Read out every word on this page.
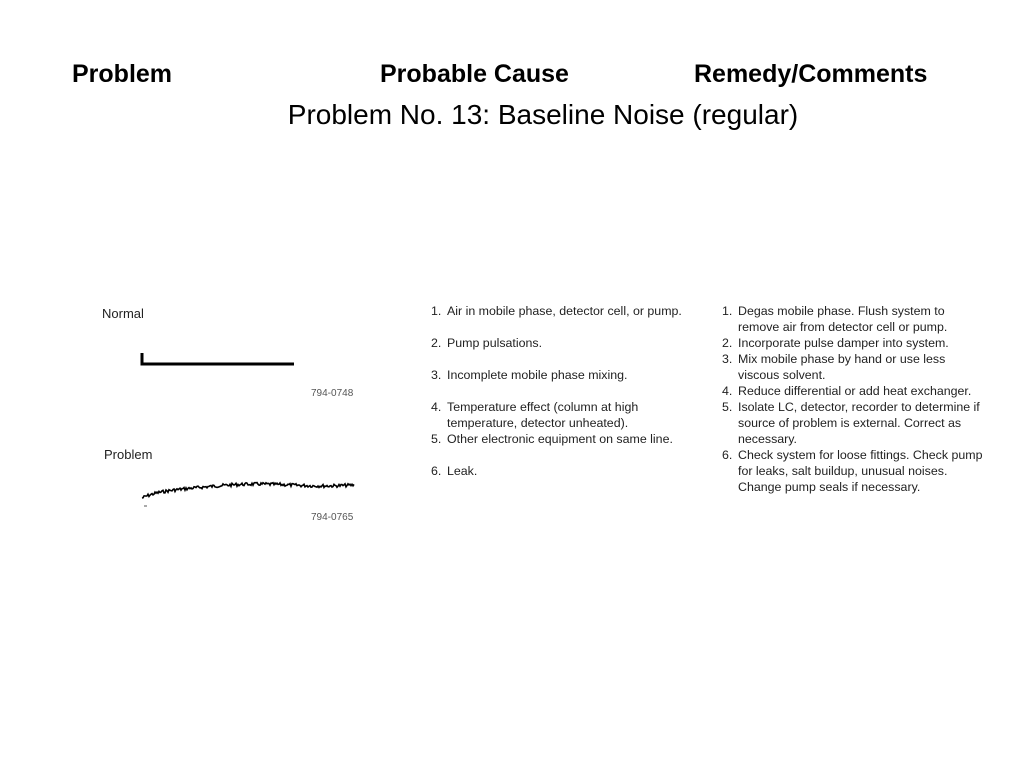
Problem	Probable Cause	Remedy/Comments
Problem No. 13: Baseline Noise (regular)
Normal
794-0748
Problem
794-0765
1. Air in mobile phase, detector cell, or pump.
2. Pump pulsations.
3. Incomplete mobile phase mixing.
4. Temperature effect (column at high temperature, detector unheated).
5. Other electronic equipment on same line.
6. Leak.
1. Degas mobile phase. Flush system to remove air from detector cell or pump.
2. Incorporate pulse damper into system.
3. Mix mobile phase by hand or use less viscous solvent.
4. Reduce differential or add heat exchanger.
5. Isolate LC, detector, recorder to determine if source of problem is external. Correct as necessary.
6. Check system for loose fittings. Check pump for leaks, salt buildup, unusual noises. Change pump seals if necessary.
